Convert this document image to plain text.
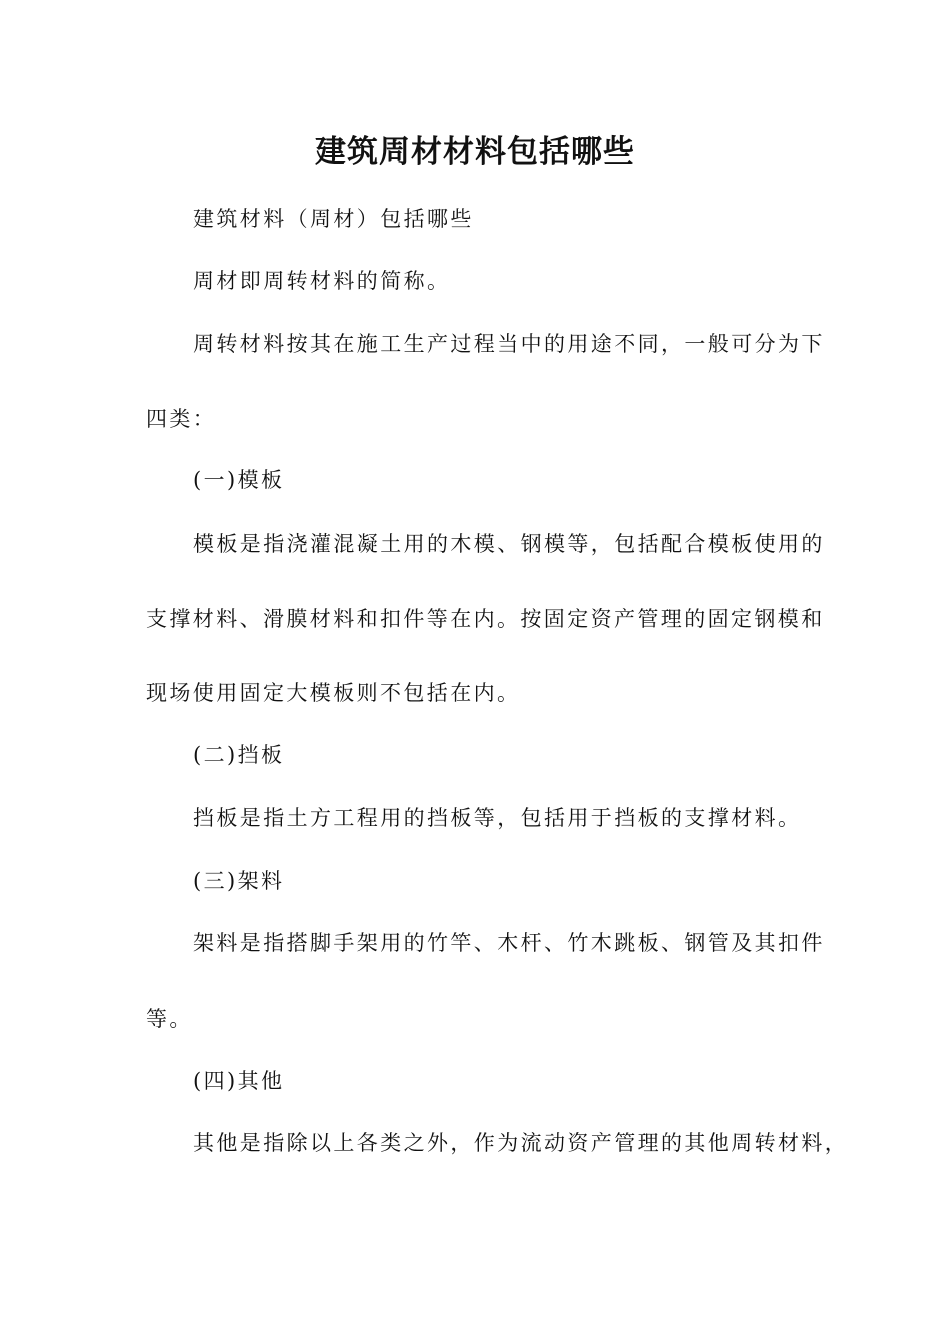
建筑周材材料包括哪些
建筑材料（周材）包括哪些
周材即周转材料的简称。
周转材料按其在施工生产过程当中的用途不同，一般可分为下
四类：
(一)模板
模板是指浇灌混凝土用的木模、钢模等，包括配合模板使用的
支撑材料、滑膜材料和扣件等在内。按固定资产管理的固定钢模和
现场使用固定大模板则不包括在内。
(二)挡板
挡板是指土方工程用的挡板等，包括用于挡板的支撑材料。
(三)架料
架料是指搭脚手架用的竹竿、木杆、竹木跳板、钢管及其扣件
等。
(四)其他
其他是指除以上各类之外，作为流动资产管理的其他周转材料，
